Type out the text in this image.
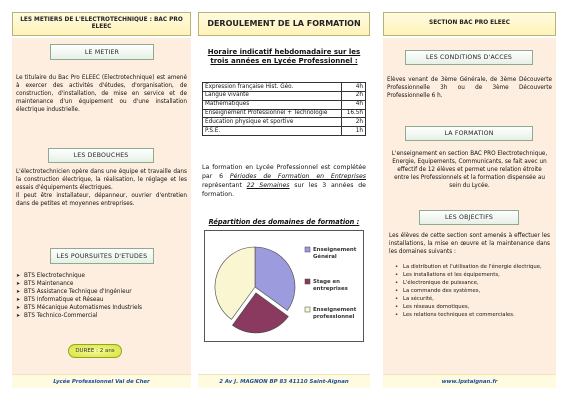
LES METIERS DE L'ELECTROTECHNIQUE : BAC PRO ELEEC
LE METIER
Le titulaire du Bac Pro ELEEC (Electrotechnique) est amené à exercer des activités d'études, d'organisation, de construction, d'installation, de mise en service et de maintenance d'un équipement ou d'une installation électrique industrielle.
LES DEBOUCHES
L'électrotechnicien opère dans une équipe et travaille dans la construction électrique, la réalisation, le réglage et les essais d'équipements électriques.
Il peut être installateur, dépanneur, ouvrier d'entretien dans de petites et moyennes entreprises.
LES POURSUITES D'ETUDES
➤ BTS Electrotechnique
➤ BTS Maintenance
➤ BTS Assistance Technique d'Ingénieur
➤ BTS Informatique et Réseau
➤ BTS Mécanique Automatismes Industriels
➤ BTS Technico-Commercial
DUREE : 2 ans
Lycée Professionnel Val de Cher
DEROULEMENT DE LA FORMATION
Horaire indicatif hebdomadaire sur les trois années en Lycée Professionnel :
Expression française Hist. Géo.	4h
Langue vivante	2h
Mathématiques	4h
Enseignement Professionnel + Technologie	16.5h
Education physique et sportive	2h
P.S.E.	1h
La formation en Lycée Professionnel est complétée par 6 Périodes de Formation en Entreprises représentant 22 Semaines sur les 3 années de formation.
Répartition des domaines de formation :
Enseignement Général
Stage en entreprises
Enseignement professionnel
2 Av J. MAGNON BP 83 41110 Saint-Aignan
SECTION BAC PRO ELEEC
LES CONDITIONS D'ACCES
Elèves venant de 3ème Générale, de 3ème Découverte Professionnelle 3h ou de 3ème Découverte Professionnelle 6 h.
LA FORMATION
L'enseignement en section BAC PRO Electrotechnique, Energie, Equipements, Communicants, se fait avec un effectif de 12 élèves et permet une relation étroite entre les Professionnels et la formation dispensée au sein du Lycée.
LES OBJECTIFS
Les élèves de cette section sont amenés à effectuer les installations, la mise en œuvre et la maintenance dans les domaines suivants :
• La distribution et l'utilisation de l'énergie électrique,
• Les installations et les équipements,
• L'électronique de puissance,
• La commande des systèmes,
• La sécurité,
• Les réseaux domotiques,
• Les relations techniques et commerciales.
www.lpstaignan.fr
